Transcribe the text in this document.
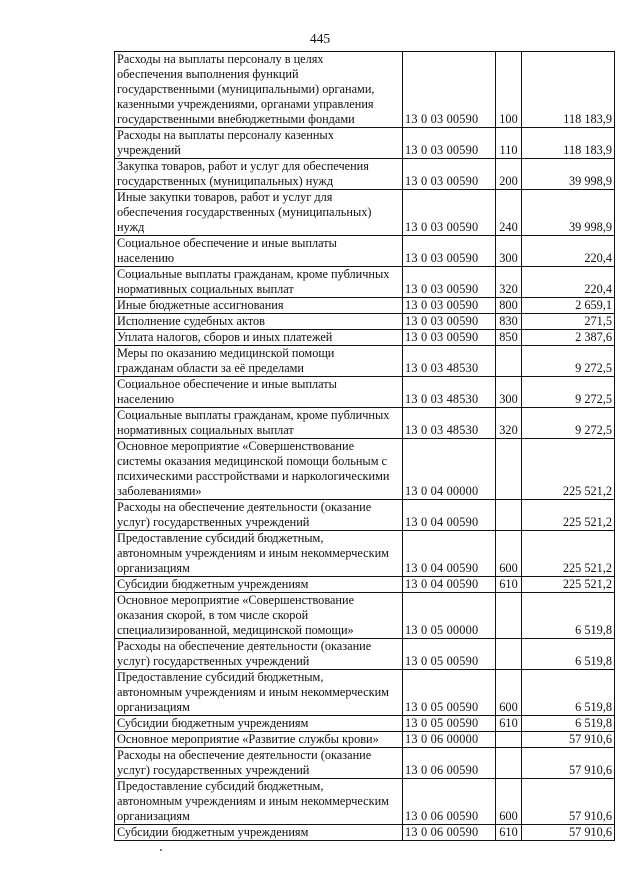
445
Расходы на выплаты персоналу в целях
обеспечения выполнения функций
государственными (муниципальными) органами,
казенными учреждениями, органами управления
государственными внебюджетными фондами	13 0 03 00590	100	118 183,9

Расходы на выплаты персоналу казенных
учреждений	13 0 03 00590	110	118 183,9

Закупка товаров, работ и услуг для обеспечения
государственных (муниципальных) нужд	13 0 03 00590	200	39 998,9

Иные закупки товаров, работ и услуг для
обеспечения государственных (муниципальных)
нужд	13 0 03 00590	240	39 998,9

Социальное обеспечение и иные выплаты
населению	13 0 03 00590	300	220,4

Социальные выплаты гражданам, кроме публичных
нормативных социальных выплат	13 0 03 00590	320	220,4

Иные бюджетные ассигнования	13 0 03 00590	800	2 659,1

Исполнение судебных актов	13 0 03 00590	830	271,5

Уплата налогов, сборов и иных платежей	13 0 03 00590	850	2 387,6

Меры по оказанию медицинской помощи
гражданам области за её пределами	13 0 03 48530		9 272,5

Социальное обеспечение и иные выплаты
населению	13 0 03 48530	300	9 272,5

Социальные выплаты гражданам, кроме публичных
нормативных социальных выплат	13 0 03 48530	320	9 272,5

Основное мероприятие «Совершенствование
системы оказания медицинской помощи больным с
психическими расстройствами и наркологическими
заболеваниями»	13 0 04 00000		225 521,2

Расходы на обеспечение деятельности (оказание
услуг) государственных учреждений	13 0 04 00590		225 521,2

Предоставление субсидий бюджетным,
автономным учреждениям и иным некоммерческим
организациям	13 0 04 00590	600	225 521,2

Субсидии бюджетным учреждениям	13 0 04 00590	610	225 521,2

Основное мероприятие «Совершенствование
оказания скорой, в том числе скорой
специализированной, медицинской помощи»	13 0 05 00000		6 519,8

Расходы на обеспечение деятельности (оказание
услуг) государственных учреждений	13 0 05 00590		6 519,8

Предоставление субсидий бюджетным,
автономным учреждениям и иным некоммерческим
организациям	13 0 05 00590	600	6 519,8

Субсидии бюджетным учреждениям	13 0 05 00590	610	6 519,8

Основное мероприятие «Развитие службы крови»	13 0 06 00000		57 910,6

Расходы на обеспечение деятельности (оказание
услуг) государственных учреждений	13 0 06 00590		57 910,6

Предоставление субсидий бюджетным,
автономным учреждениям и иным некоммерческим
организациям	13 0 06 00590	600	57 910,6

Субсидии бюджетным учреждениям	13 0 06 00590	610	57 910,6
